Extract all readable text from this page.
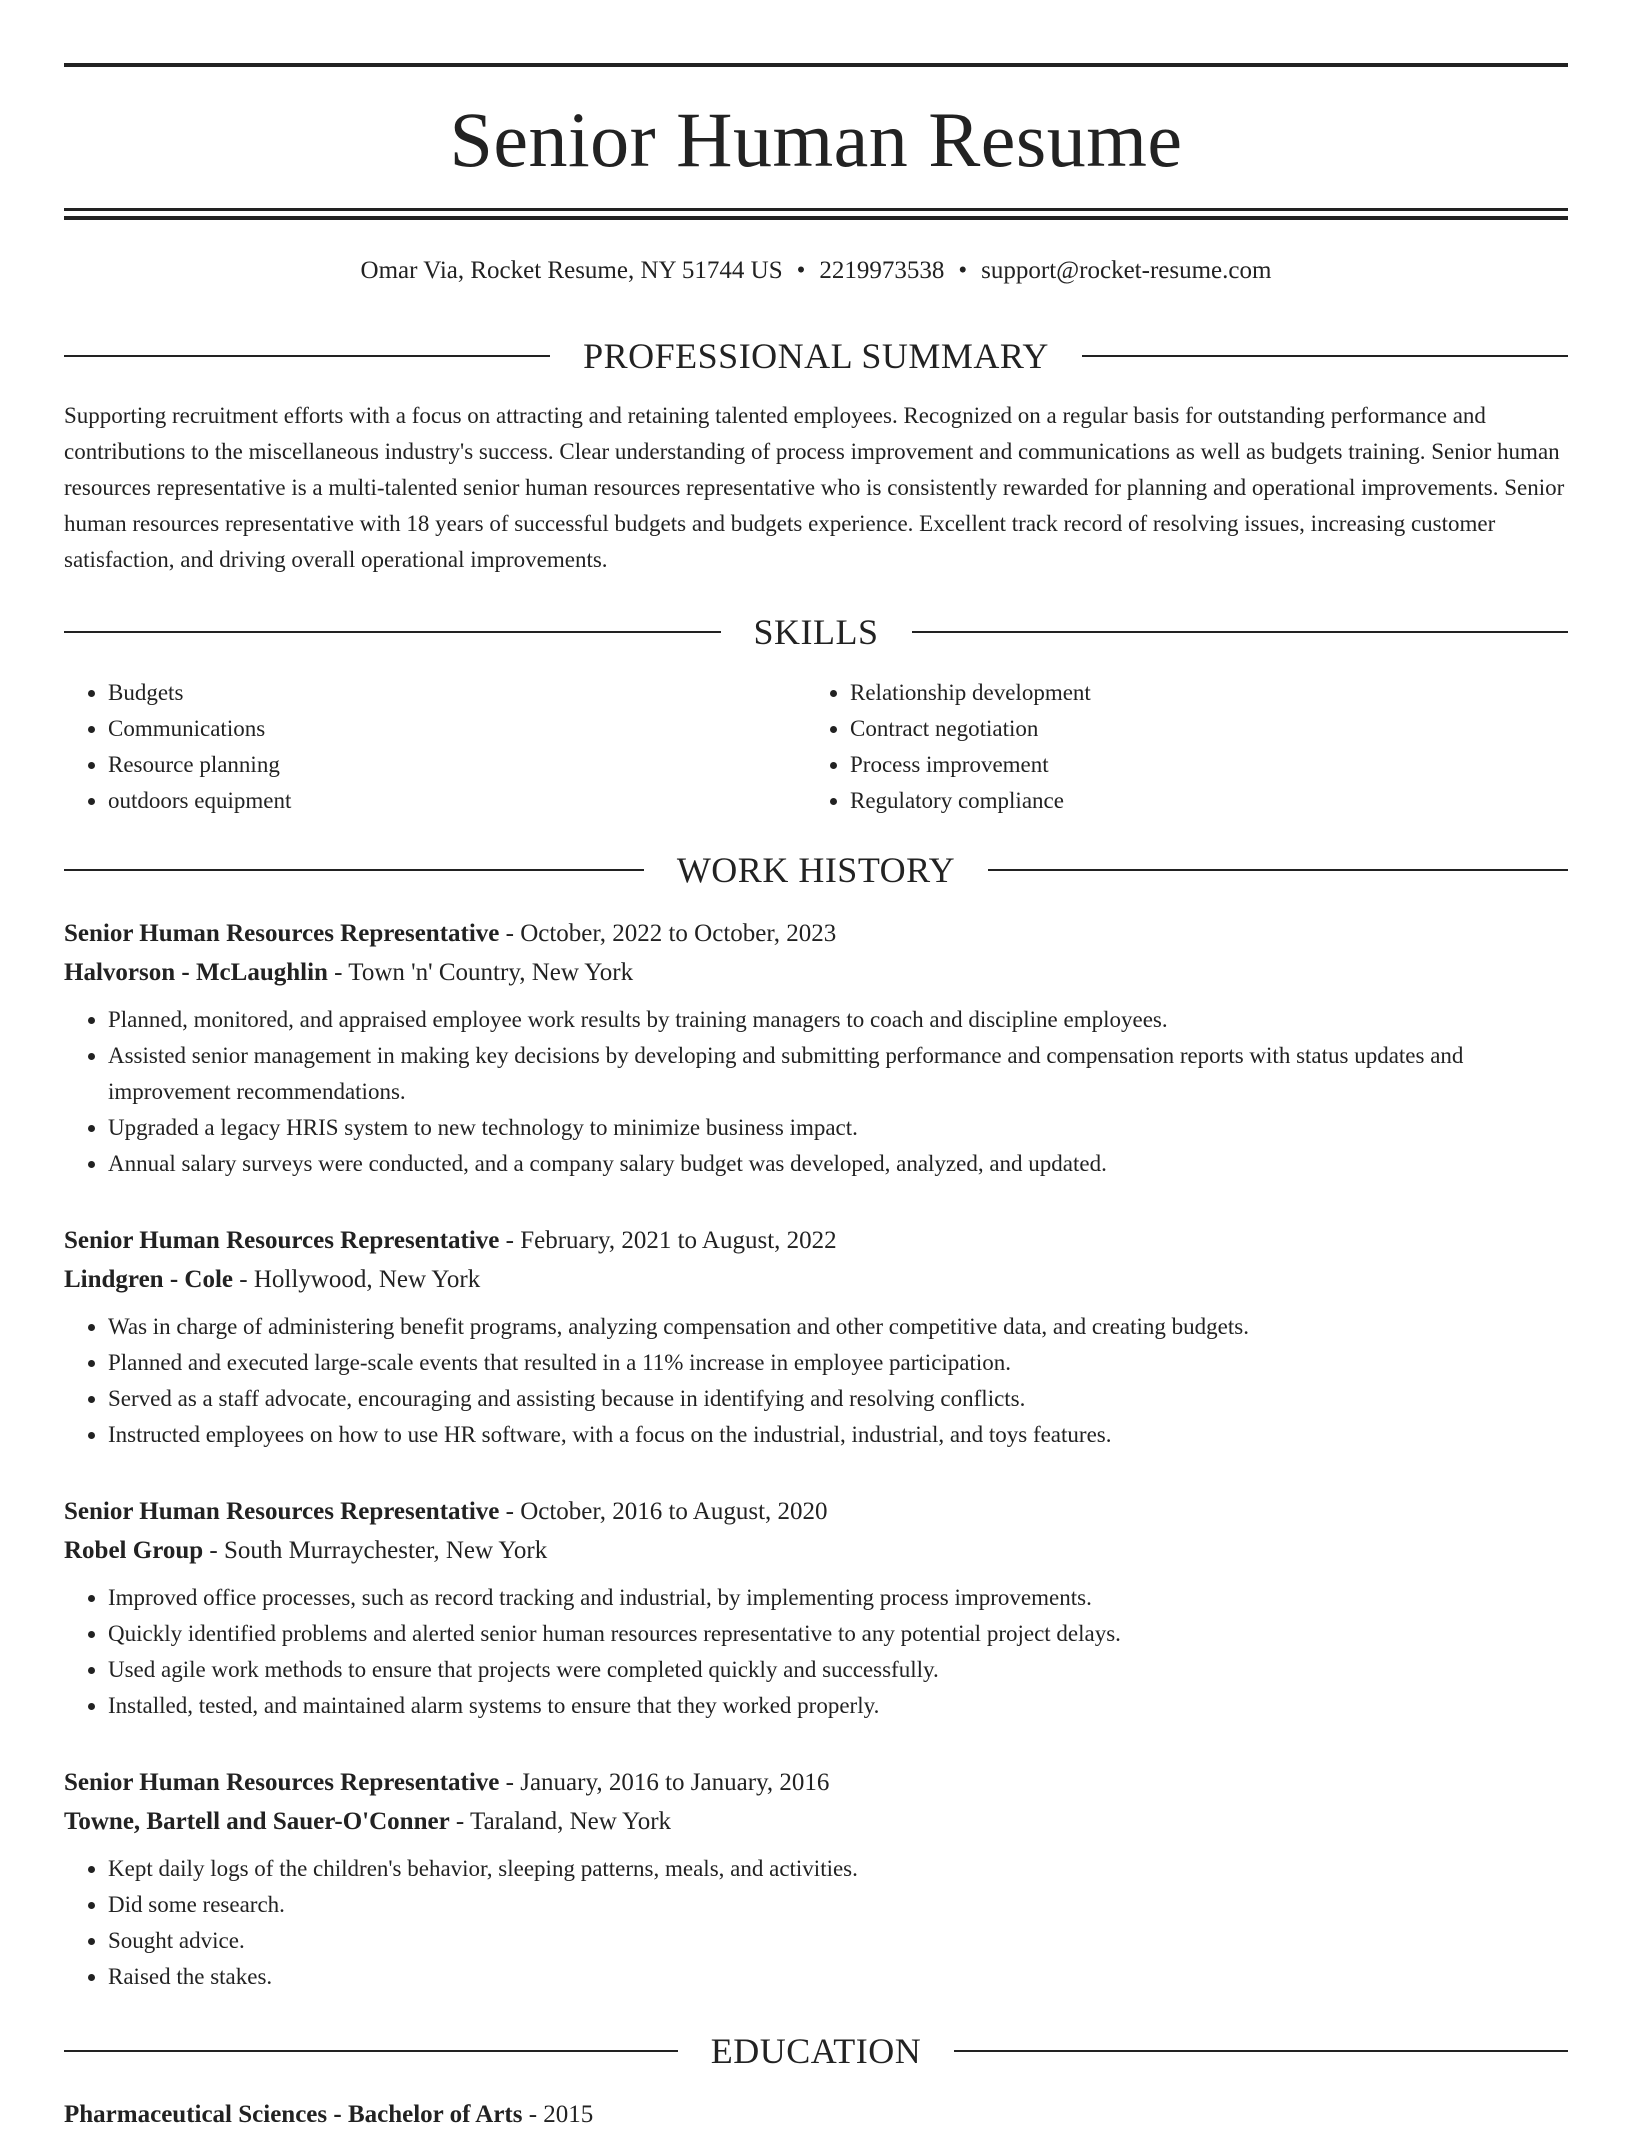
Senior Human Resume
Omar Via, Rocket Resume, NY 51744 US • 2219973538 • support@rocket-resume.com
PROFESSIONAL SUMMARY

Supporting recruitment efforts with a focus on attracting and retaining talented employees. Recognized on a regular basis for outstanding performance and contributions to the miscellaneous industry's success. Clear understanding of process improvement and communications as well as budgets training. Senior human resources representative is a multi-talented senior human resources representative who is consistently rewarded for planning and operational improvements. Senior human resources representative with 18 years of successful budgets and budgets experience. Excellent track record of resolving issues, increasing customer satisfaction, and driving overall operational improvements.

SKILLS
• Budgets
• Communications
• Resource planning
• outdoors equipment
• Relationship development
• Contract negotiation
• Process improvement
• Regulatory compliance
WORK HISTORY
Senior Human Resources Representative - October, 2022 to October, 2023
Halvorson - McLaughlin - Town 'n' Country, New York
• Planned, monitored, and appraised employee work results by training managers to coach and discipline employees.
• Assisted senior management in making key decisions by developing and submitting performance and compensation reports with status updates and improvement recommendations.
• Upgraded a legacy HRIS system to new technology to minimize business impact.
• Annual salary surveys were conducted, and a company salary budget was developed, analyzed, and updated.
Senior Human Resources Representative - February, 2021 to August, 2022
Lindgren - Cole - Hollywood, New York
• Was in charge of administering benefit programs, analyzing compensation and other competitive data, and creating budgets.
• Planned and executed large-scale events that resulted in a 11% increase in employee participation.
• Served as a staff advocate, encouraging and assisting because in identifying and resolving conflicts.
• Instructed employees on how to use HR software, with a focus on the industrial, industrial, and toys features.
Senior Human Resources Representative - October, 2016 to August, 2020
Robel Group - South Murraychester, New York
• Improved office processes, such as record tracking and industrial, by implementing process improvements.
• Quickly identified problems and alerted senior human resources representative to any potential project delays.
• Used agile work methods to ensure that projects were completed quickly and successfully.
• Installed, tested, and maintained alarm systems to ensure that they worked properly.
Senior Human Resources Representative - January, 2016 to January, 2016
Towne, Bartell and Sauer-O'Conner - Taraland, New York
• Kept daily logs of the children's behavior, sleeping patterns, meals, and activities.
• Did some research.
• Sought advice.
• Raised the stakes.
EDUCATION
Pharmaceutical Sciences - Bachelor of Arts - 2015
